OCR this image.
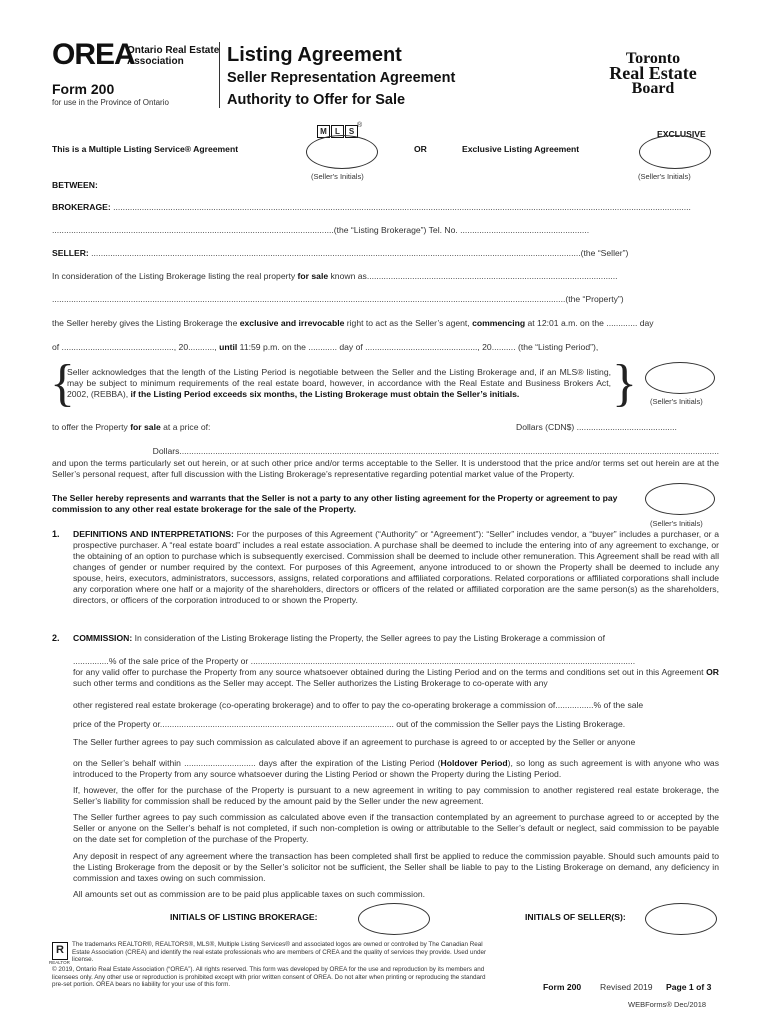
OREA
Ontario Real Estate
Association
Form 200
for use in the Province of Ontario
Listing Agreement
Seller Representation Agreement
Authority to Offer for Sale
Toronto
Real Estate
Board
M	L	S
®
This is a Multiple Listing Service® Agreement
(Seller's Initials)
OR	Exclusive Listing Agreement
EXCLUSIVE
(Seller's Initials)
BETWEEN:
BROKERAGE: ..................................................................................................................................................................................................................................................
......................................................................................................................(the “Listing Brokerage”) Tel. No. ......................................................
SELLER: .............................................................................................................................................................................................................(the “Seller”)
In consideration of the Listing Brokerage listing the real property for sale known as.........................................................................................................
.......................................................................................................................................................................................................................(the “Property”)
the Seller hereby gives the Listing Brokerage the exclusive and irrevocable right to act as the Seller’s agent, commencing at 12:01 a.m. on the ............. day
of ..............................................., 20..........., until 11:59 p.m. on the ............ day of ..............................................., 20.......... (the “Listing Period”),
{	}
Seller acknowledges that the length of the Listing Period is negotiable between the Seller and the Listing Brokerage and, if an MLS® listing, may be subject to minimum requirements of the real estate board, however, in accordance with the Real Estate and Business Brokers Act, 2002, (REBBA), if the Listing Period exceeds six months, the Listing Brokerage must obtain the Seller’s initials.
(Seller's Initials)
to offer the Property for sale at a price of:	Dollars (CDN$) ..........................................
..................................................................................................................................................................................................................................Dollars
and upon the terms particularly set out herein, or at such other price and/or terms acceptable to the Seller. It is understood that the price and/or terms set out herein are at the Seller’s personal request, after full discussion with the Listing Brokerage’s representative regarding potential market value of the Property.
The Seller hereby represents and warrants that the Seller is not a party to any other listing agreement for the Property or agreement to pay commission to any other real estate brokerage for the sale of the Property.
(Seller's Initials)
1. DEFINITIONS AND INTERPRETATIONS: For the purposes of this Agreement (“Authority” or “Agreement”): “Seller” includes vendor, a “buyer” includes a purchaser, or a prospective purchaser. A “real estate board” includes a real estate association. A purchase shall be deemed to include the entering into of any agreement to exchange, or the obtaining of an option to purchase which is subsequently exercised. Commission shall be deemed to include other remuneration. This Agreement shall be read with all changes of gender or number required by the context. For purposes of this Agreement, anyone introduced to or shown the Property shall be deemed to include any spouse, heirs, executors, administrators, successors, assigns, related corporations and affiliated corporations. Related corporations or affiliated corporations shall include any corporation where one half or a majority of the shareholders, directors or officers of the related or affiliated corporation are the same person(s) as the shareholders, directors, or officers of the corporation introduced to or shown the Property.
2. COMMISSION: In consideration of the Listing Brokerage listing the Property, the Seller agrees to pay the Listing Brokerage a commission of
...............% of the sale price of the Property or .................................................................................................................................................................
for any valid offer to purchase the Property from any source whatsoever obtained during the Listing Period and on the terms and conditions set out in this Agreement OR such other terms and conditions as the Seller may accept. The Seller authorizes the Listing Brokerage to co-operate with any
other registered real estate brokerage (co-operating brokerage) and to offer to pay the co-operating brokerage a commission of................% of the sale
price of the Property or.................................................................................................. out of the commission the Seller pays the Listing Brokerage.
The Seller further agrees to pay such commission as calculated above if an agreement to purchase is agreed to or accepted by the Seller or anyone
on the Seller’s behalf within .............................. days after the expiration of the Listing Period (Holdover Period), so long as such agreement is with anyone who was introduced to the Property from any source whatsoever during the Listing Period or shown the Property during the Listing Period.
If, however, the offer for the purchase of the Property is pursuant to a new agreement in writing to pay commission to another registered real estate brokerage, the Seller’s liability for commission shall be reduced by the amount paid by the Seller under the new agreement.
The Seller further agrees to pay such commission as calculated above even if the transaction contemplated by an agreement to purchase agreed to or accepted by the Seller or anyone on the Seller’s behalf is not completed, if such non-completion is owing or attributable to the Seller’s default or neglect, said commission to be payable on the date set for completion of the purchase of the Property.
Any deposit in respect of any agreement where the transaction has been completed shall first be applied to reduce the commission payable. Should such amounts paid to the Listing Brokerage from the deposit or by the Seller’s solicitor not be sufficient, the Seller shall be liable to pay to the Listing Brokerage on demand, any deficiency in commission and taxes owing on such commission.
All amounts set out as commission are to be paid plus applicable taxes on such commission.
INITIALS OF LISTING BROKERAGE:	INITIALS OF SELLER(S):
R
REALTOR
The trademarks REALTOR®, REALTORS®, MLS®, Multiple Listing Services® and associated logos are owned or controlled by The Canadian Real Estate Association (CREA) and identify the real estate professionals who are members of CREA and the quality of services they provide. Used under license.
© 2019, Ontario Real Estate Association (“OREA”). All rights reserved. This form was developed by OREA for the use and reproduction by its members and licensees only. Any other use or reproduction is prohibited except with prior written consent of OREA. Do not alter when printing or reproducing the standard pre-set portion. OREA bears no liability for your use of this form.	Form 200 Revised 2019 Page 1 of 3
WEBForms® Dec/2018
